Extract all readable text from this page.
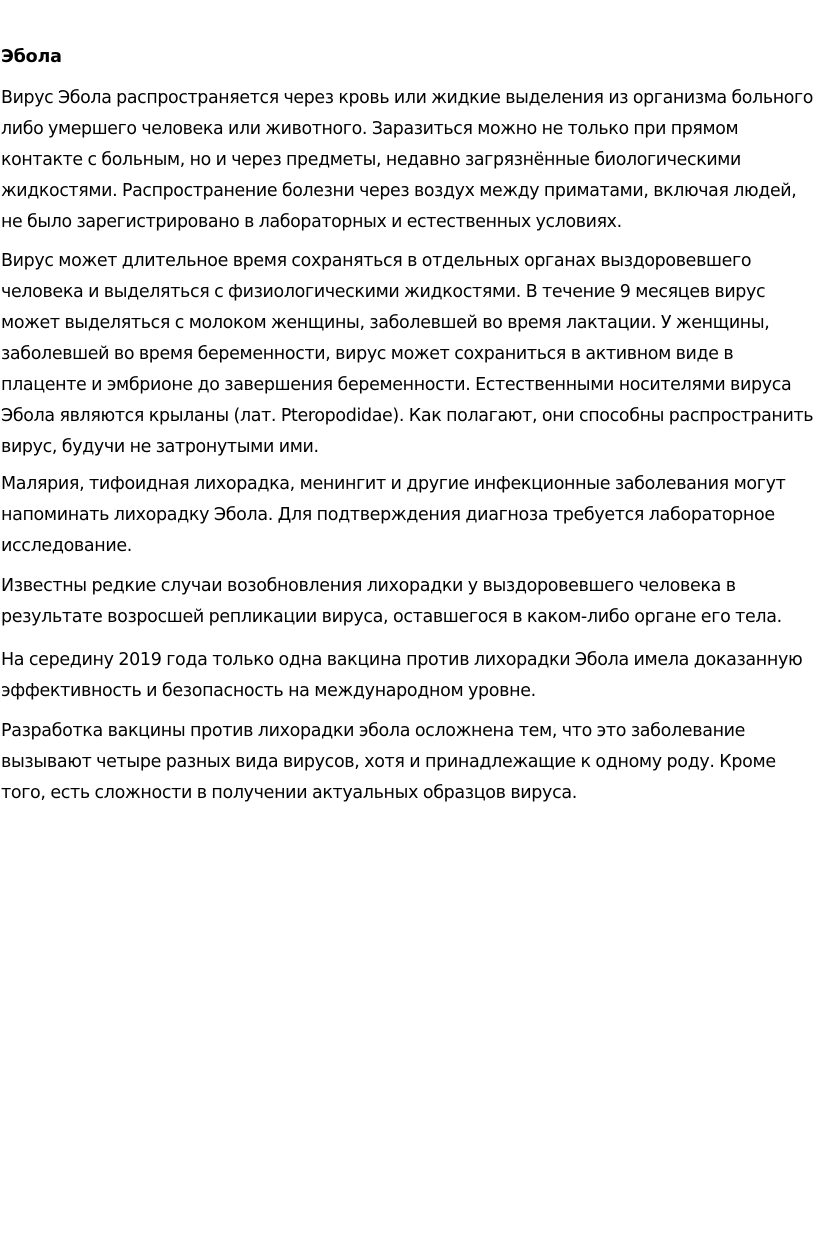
Эбола

Вирус Эбола распространяется через кровь или жидкие выделения из организма больного
либо умершего человека или животного. Заразиться можно не только при прямом
контакте с больным, но и через предметы, недавно загрязнённые биологическими
жидкостями. Распространение болезни через воздух между приматами, включая людей,
не было зарегистрировано в лабораторных и естественных условиях.

Вирус может длительное время сохраняться в отдельных органах выздоровевшего
человека и выделяться с физиологическими жидкостями. В течение 9 месяцев вирус
может выделяться с молоком женщины, заболевшей во время лактации. У женщины,
заболевшей во время беременности, вирус может сохраниться в активном виде в
плаценте и эмбрионе до завершения беременности. Естественными носителями вируса
Эбола являются крыланы (лат. Pteropodidae). Как полагают, они способны распространить
вирус, будучи не затронутыми ими.

Малярия, тифоидная лихорадка, менингит и другие инфекционные заболевания могут
напоминать лихорадку Эбола. Для подтверждения диагноза требуется лабораторное
исследование.

Известны редкие случаи возобновления лихорадки у выздоровевшего человека в
результате возросшей репликации вируса, оставшегося в каком-либо органе его тела.

На середину 2019 года только одна вакцина против лихорадки Эбола имела доказанную
эффективность и безопасность на международном уровне.

Разработка вакцины против лихорадки эбола осложнена тем, что это заболевание
вызывают четыре разных вида вирусов, хотя и принадлежащие к одному роду. Кроме
того, есть сложности в получении актуальных образцов вируса.
